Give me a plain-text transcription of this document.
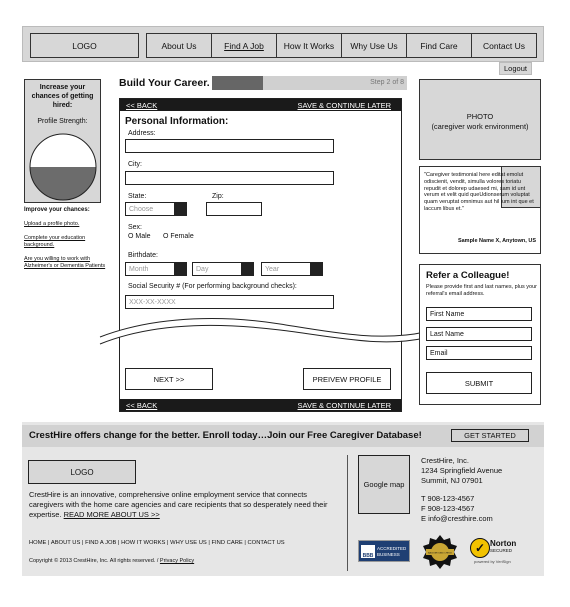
LOGO	About Us	Find A Job	How It Works	Why Use Us	Find Care	Contact Us
Logout
Increase your chances of getting hired:
Profile Strength:
Improve your chances:
Upload a profile photo.
Complete your education background.
Are you willing to work with Alzheimer's or Dementia Patients
Build Your Career.	Step 2 of 8
<< BACK	SAVE & CONTINUE LATER
Personal Information:
Address:
City:
State:	Zip:
Choose
Sex:
O Male O Female
Birthdate:
Month	Day	Year
Social Security # (For performing background checks):
XXX-XX-XXXX
NEXT >>	PREIVEW PROFILE
<< BACK	SAVE & CONTINUE LATER
PHOTO
(caregiver work environment)
"Caregiver testimonial here editat emolut odiscienit, vendit, simulla volores toriatu repudit et dolorep udaesed mi, sam id unt verum et velit quid queUdionserum voluptat quam veruptat omnimus aut hil ium int que et laccum libus et."
Sample Name X, Anytown, US
Refer a Colleague!
Please provide first and last names, plus your referral's email address.
First Name
Last Name
Email
SUBMIT
CrestHire offers change for the better. Enroll today…Join our Free Caregiver Database!	GET STARTED
LOGO
CrestHire is an innovative, comprehensive online employment service that connects caregivers with the home care agencies and care recipients that so desperately need their expertise. READ MORE ABOUT US >>
HOME | ABOUT US | FIND A JOB | HOW IT WORKS | WHY USE US | FIND CARE | CONTACT US
Copyright © 2013 CrestHire, Inc. All rights reserved. / Privacy Policy
Google map
CrestHire, Inc.
1234 Springfield Avenue
Summit, NJ 07901
T 908-123-4567
F 908-123-4567
E info@cresthire.com
BBB
ACCREDITED BUSINESS	BACKGROUND CHECK	✓ Norton
SECURED
powered by VeriSign
